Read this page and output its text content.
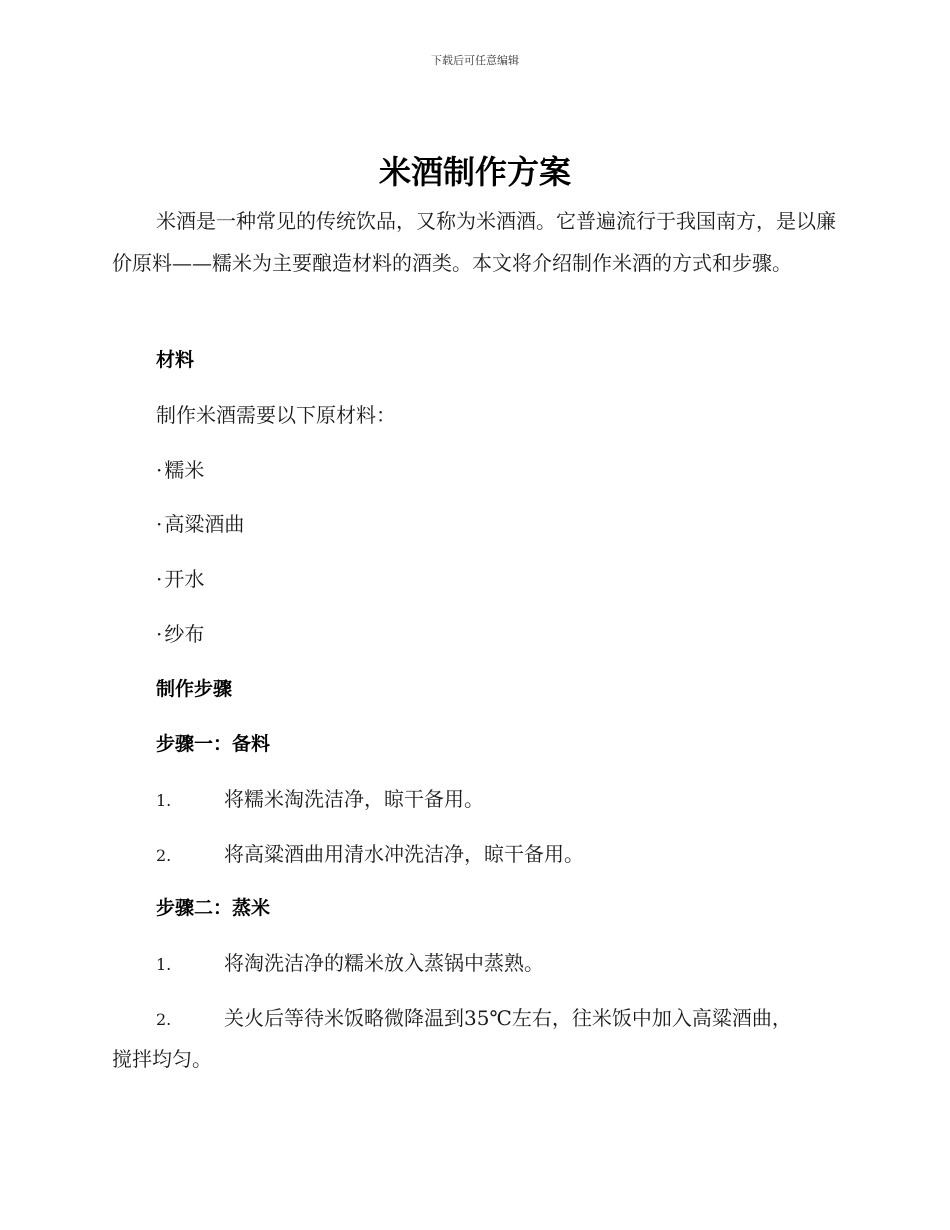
下载后可任意编辑
米酒制作方案

米酒是一种常见的传统饮品，又称为米酒酒。它普遍流行于我国南方，是以廉价原料——糯米为主要酿造材料的酒类。本文将介绍制作米酒的方式和步骤。

材料

制作米酒需要以下原材料：

· 糯米

· 高粱酒曲

· 开水

· 纱布

制作步骤

步骤一：备料

1.	将糯米淘洗洁净，晾干备用。

2.	将高粱酒曲用清水冲洗洁净，晾干备用。

步骤二：蒸米

1.	将淘洗洁净的糯米放入蒸锅中蒸熟。

2.	关火后等待米饭略微降温到35℃左右，往米饭中加入高粱酒曲，

搅拌均匀。
